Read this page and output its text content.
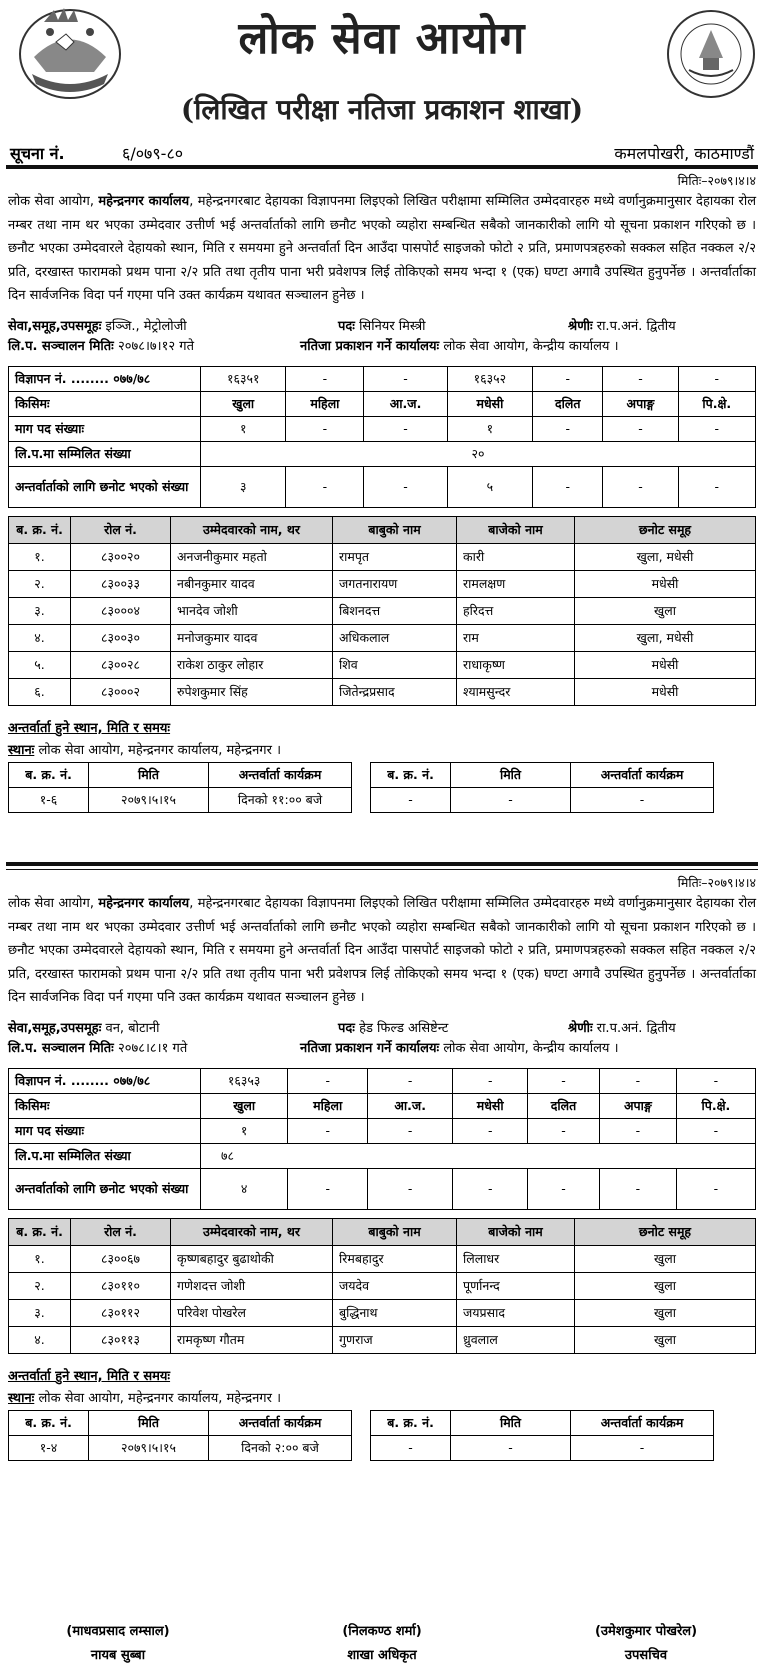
लोक सेवा आयोग
(लिखित परीक्षा नतिजा प्रकाशन शाखा)
सूचना नं.	६/०७९-८०	कमलपोखरी, काठमाण्डौं
मितिः–२०७९।४।४

लोक सेवा आयोग, महेन्द्रनगर कार्यालय, महेन्द्रनगरबाट देहायका विज्ञापनमा लिइएको लिखित परीक्षामा सम्मिलित उम्मेदवारहरु मध्ये वर्णानुक्रमानुसार देहायका रोल नम्बर तथा नाम थर भएका उम्मेदवार उत्तीर्ण भई अन्तर्वार्ताको लागि छनौट भएको व्यहोरा सम्बन्धित सबैको जानकारीको लागि यो सूचना प्रकाशन गरिएको छ । छनौट भएका उम्मेदवारले देहायको स्थान, मिति र समयमा हुने अन्तर्वार्ता दिन आउँदा पासपोर्ट साइजको फोटो २ प्रति, प्रमाणपत्रहरुको सक्कल सहित नक्कल २/२ प्रति, दरखास्त फारामको प्रथम पाना २/२ प्रति तथा तृतीय पाना भरी प्रवेशपत्र लिई तोकिएको समय भन्दा १ (एक) घण्टा अगावै उपस्थित हुनुपर्नेछ । अन्तर्वार्ताका दिन सार्वजनिक विदा पर्न गएमा पनि उक्त कार्यक्रम यथावत सञ्चालन हुनेछ ।

सेवा,समूह,उपसमूहः इञ्जि., मेट्रोलोजी	पदः सिनियर मिस्त्री	श्रेणीः रा.प.अनं. द्वितीय
लि.प. सञ्चालन मितिः २०७८।७।१२ गते	नतिजा प्रकाशन गर्ने कार्यालयः लोक सेवा आयोग, केन्द्रीय कार्यालय ।
विज्ञापन नं. ........ ०७७/७८	१६३५१	-	-	१६३५२	-	-	-
किसिमः	खुला	महिला	आ.ज.	मधेसी	दलित	अपाङ्ग	पि.क्षे.
माग पद संख्याः	१	-	-	१	-	-	-
लि.प.मा सम्मिलित संख्या	२०						
अन्तर्वार्ताको लागि छनोट भएको संख्या	३	-	-	५	-	-	-
ब. क्र. नं.	रोल नं.	उम्मेदवारको नाम, थर	बाबुको नाम	बाजेको नाम	छनोट समूह
१.	८३००२०	अनजनीकुमार महतो	रामपृत	कारी	खुला, मधेसी
२.	८३००३३	नबीनकुमार यादव	जगतनारायण	रामलक्षण	मधेसी
३.	८३०००४	भानदेव जोशी	बिशनदत्त	हरिदत्त	खुला
४.	८३००३०	मनोजकुमार यादव	अधिकलाल	राम	खुला, मधेसी
५.	८३००२८	राकेश ठाकुर लोहार	शिव	राधाकृष्ण	मधेसी
६.	८३०००२	रुपेशकुमार सिंह	जितेन्द्रप्रसाद	श्यामसुन्दर	मधेसी
अन्तर्वार्ता हुने स्थान, मिति र समयः
स्थानः लोक सेवा आयोग, महेन्द्रनगर कार्यालय, महेन्द्रनगर ।
ब. क्र. नं.	मिति	अन्तर्वार्ता कार्यक्रम
१-६	२०७९।५।१५	दिनको ११:०० बजे
ब. क्र. नं.	मिति	अन्तर्वार्ता कार्यक्रम
-	-	-
मितिः–२०७९।४।४

लोक सेवा आयोग, महेन्द्रनगर कार्यालय, महेन्द्रनगरबाट देहायका विज्ञापनमा लिइएको लिखित परीक्षामा सम्मिलित उम्मेदवारहरु मध्ये वर्णानुक्रमानुसार देहायका रोल नम्बर तथा नाम थर भएका उम्मेदवार उत्तीर्ण भई अन्तर्वार्ताको लागि छनौट भएको व्यहोरा सम्बन्धित सबैको जानकारीको लागि यो सूचना प्रकाशन गरिएको छ । छनौट भएका उम्मेदवारले देहायको स्थान, मिति र समयमा हुने अन्तर्वार्ता दिन आउँदा पासपोर्ट साइजको फोटो २ प्रति, प्रमाणपत्रहरुको सक्कल सहित नक्कल २/२ प्रति, दरखास्त फारामको प्रथम पाना २/२ प्रति तथा तृतीय पाना भरी प्रवेशपत्र लिई तोकिएको समय भन्दा १ (एक) घण्टा अगावै उपस्थित हुनुपर्नेछ । अन्तर्वार्ताका दिन सार्वजनिक विदा पर्न गएमा पनि उक्त कार्यक्रम यथावत सञ्चालन हुनेछ ।

सेवा,समूह,उपसमूहः वन, बोटानी	पदः हेड फिल्ड असिष्टेन्ट	श्रेणीः रा.प.अनं. द्वितीय
लि.प. सञ्चालन मितिः २०७८।८।१ गते	नतिजा प्रकाशन गर्ने कार्यालयः लोक सेवा आयोग, केन्द्रीय कार्यालय ।
विज्ञापन नं. ........ ०७७/७८	१६३५३	-	-	-	-	-	-
किसिमः	खुला	महिला	आ.ज.	मधेसी	दलित	अपाङ्ग	पि.क्षे.
माग पद संख्याः	१	-	-	-	-	-	-
लि.प.मा सम्मिलित संख्या	७८						
अन्तर्वार्ताको लागि छनोट भएको संख्या	४	-	-	-	-	-	-
ब. क्र. नं.	रोल नं.	उम्मेदवारको नाम, थर	बाबुको नाम	बाजेको नाम	छनोट समूह
१.	८३००६७	कृष्णबहादुर बुढाथोकी	रिमबहादुर	लिलाधर	खुला
२.	८३०११०	गणेशदत्त जोशी	जयदेव	पूर्णानन्द	खुला
३.	८३०११२	परिवेश पोखरेल	बुद्धिनाथ	जयप्रसाद	खुला
४.	८३०११३	रामकृष्ण गौतम	गुणराज	ध्रुवलाल	खुला
अन्तर्वार्ता हुने स्थान, मिति र समयः
स्थानः लोक सेवा आयोग, महेन्द्रनगर कार्यालय, महेन्द्रनगर ।
ब. क्र. नं.	मिति	अन्तर्वार्ता कार्यक्रम
१-४	२०७९।५।१५	दिनको २:०० बजे
ब. क्र. नं.	मिति	अन्तर्वार्ता कार्यक्रम
-	-	-
(माधवप्रसाद लम्साल)
नायब सुब्बा
(निलकण्ठ शर्मा)
शाखा अधिकृत
(उमेशकुमार पोखरेल)
उपसचिव
